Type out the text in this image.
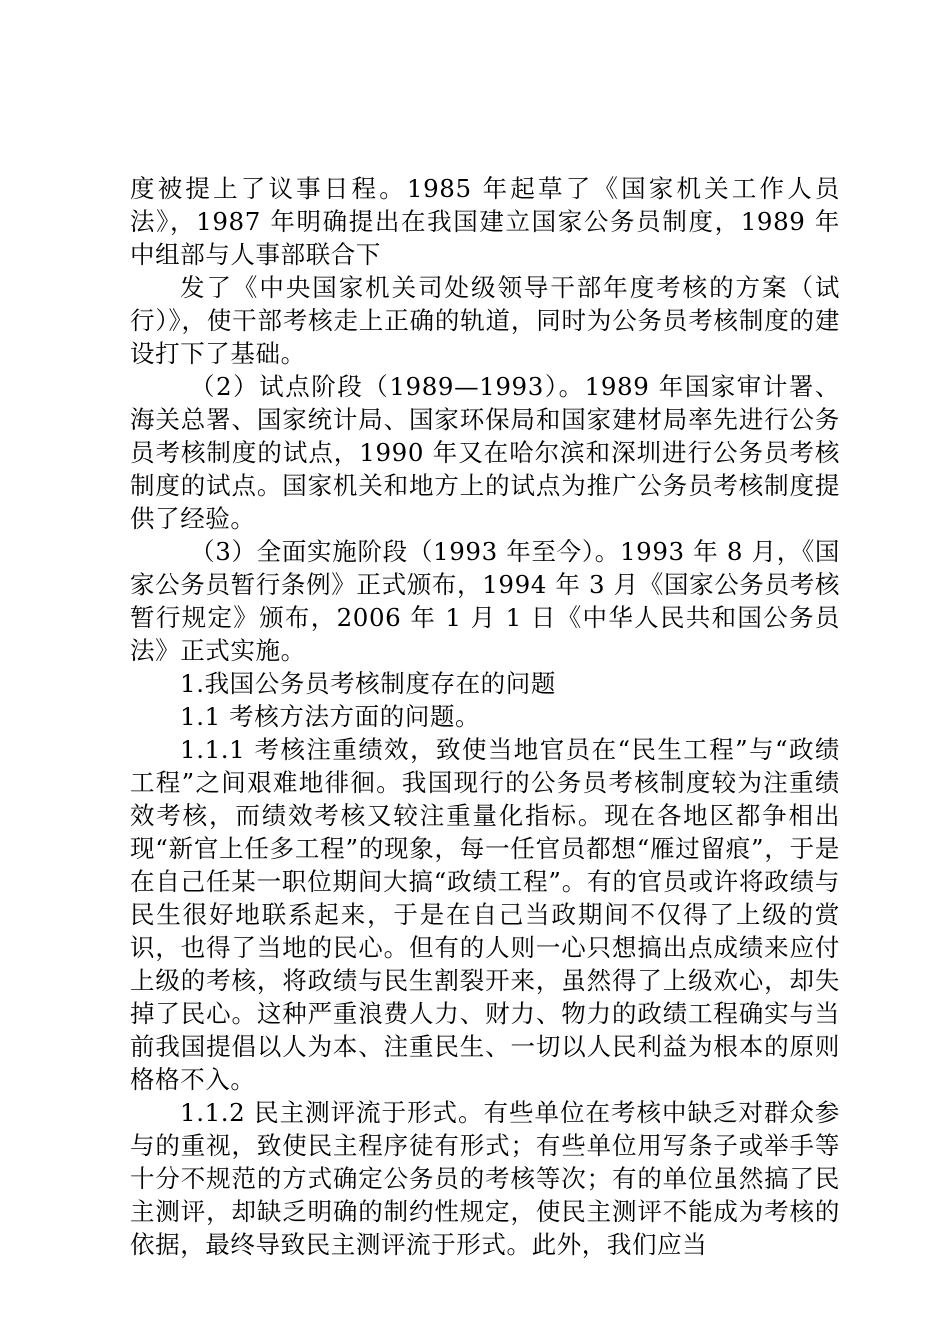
度被提上了议事日程。1985 年起草了《国家机关工作人员法》，1987 年明确提出在我国建立国家公务员制度，1989 年中组部与人事部联合下

发了《中央国家机关司处级领导干部年度考核的方案（试行）》，使干部考核走上正确的轨道，同时为公务员考核制度的建设打下了基础。

（2）试点阶段（1989—1993）。1989 年国家审计署、海关总署、国家统计局、国家环保局和国家建材局率先进行公务员考核制度的试点，1990 年又在哈尔滨和深圳进行公务员考核制度的试点。国家机关和地方上的试点为推广公务员考核制度提供了经验。

（3）全面实施阶段（1993 年至今）。1993 年 8 月，《国家公务员暂行条例》正式颁布，1994 年 3 月《国家公务员考核暂行规定》颁布，2006 年 1 月 1 日《中华人民共和国公务员法》正式实施。

1.我国公务员考核制度存在的问题

1.1 考核方法方面的问题。

1.1.1 考核注重绩效，致使当地官员在“民生工程”与“政绩工程”之间艰难地徘徊。我国现行的公务员考核制度较为注重绩效考核，而绩效考核又较注重量化指标。现在各地区都争相出现“新官上任多工程”的现象，每一任官员都想“雁过留痕”，于是在自己任某一职位期间大搞“政绩工程”。有的官员或许将政绩与民生很好地联系起来，于是在自己当政期间不仅得了上级的赏识，也得了当地的民心。但有的人则一心只想搞出点成绩来应付上级的考核，将政绩与民生割裂开来，虽然得了上级欢心，却失掉了民心。这种严重浪费人力、财力、物力的政绩工程确实与当前我国提倡以人为本、注重民生、一切以人民利益为根本的原则格格不入。

1.1.2 民主测评流于形式。有些单位在考核中缺乏对群众参与的重视，致使民主程序徒有形式；有些单位用写条子或举手等十分不规范的方式确定公务员的考核等次；有的单位虽然搞了民主测评，却缺乏明确的制约性规定，使民主测评不能成为考核的依据，最终导致民主测评流于形式。此外，我们应当
